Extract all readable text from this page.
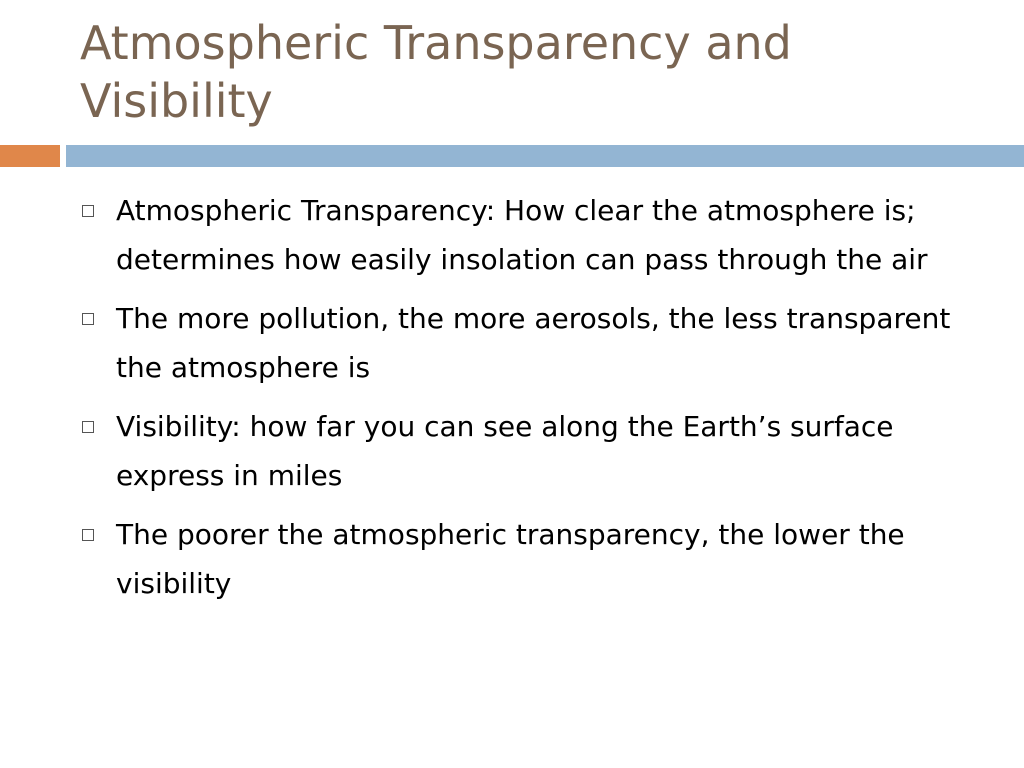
Atmospheric Transparency and Visibility
Atmospheric Transparency: How clear the atmosphere is; determines how easily insolation can pass through the air
The more pollution, the more aerosols, the less transparent the atmosphere is
Visibility: how far you can see along the Earth’s surface express in miles
The poorer the atmospheric transparency, the lower the visibility
